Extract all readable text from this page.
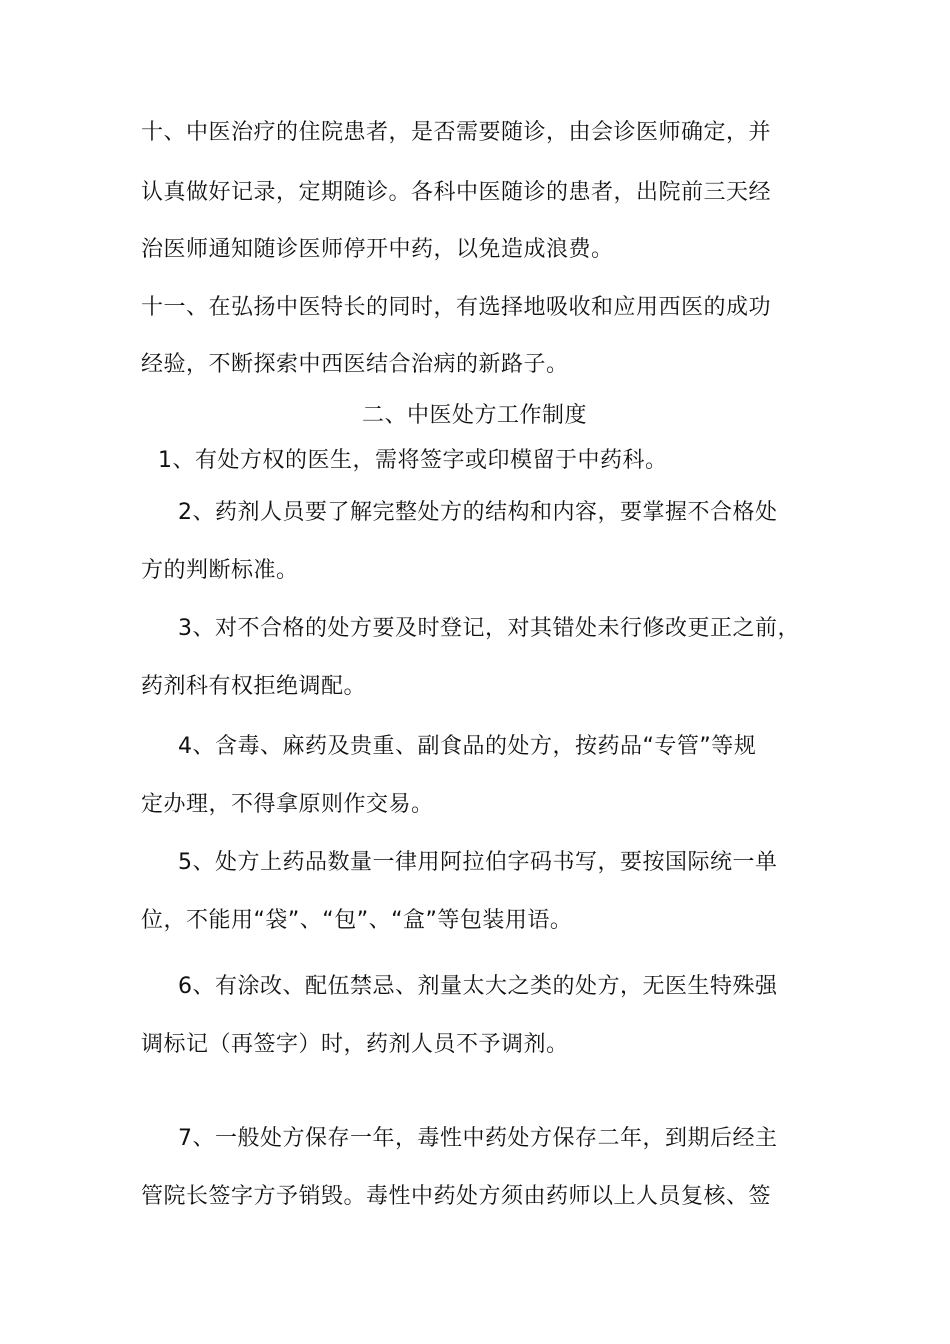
十、中医治疗的住院患者，是否需要随诊，由会诊医师确定，并
认真做好记录，定期随诊。各科中医随诊的患者，出院前三天经
治医师通知随诊医师停开中药，以免造成浪费。
十一、在弘扬中医特长的同时，有选择地吸收和应用西医的成功
经验，不断探索中西医结合治病的新路子。
二、中医处方工作制度
1、有处方权的医生，需将签字或印模留于中药科。
2、药剂人员要了解完整处方的结构和内容，要掌握不合格处
方的判断标准。
3、对不合格的处方要及时登记，对其错处未行修改更正之前，
药剂科有权拒绝调配。
4、含毒、麻药及贵重、副食品的处方，按药品“专管”等规
定办理，不得拿原则作交易。
5、处方上药品数量一律用阿拉伯字码书写，要按国际统一单
位，不能用“袋”、“包”、“盒”等包装用语。
6、有涂改、配伍禁忌、剂量太大之类的处方，无医生特殊强
调标记（再签字）时，药剂人员不予调剂。
7、一般处方保存一年，毒性中药处方保存二年，到期后经主
管院长签字方予销毁。毒性中药处方须由药师以上人员复核、签
